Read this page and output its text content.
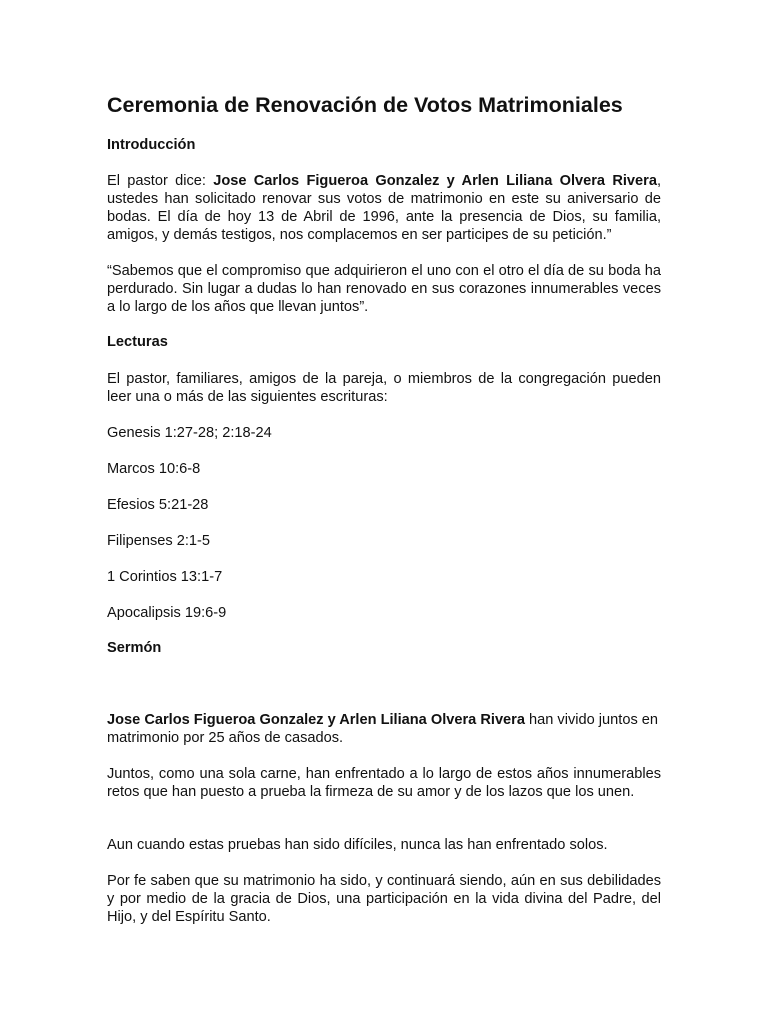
Ceremonia de Renovación de Votos Matrimoniales
Introducción

El pastor dice: Jose Carlos Figueroa Gonzalez y Arlen Liliana Olvera Rivera, ustedes han solicitado renovar sus votos de matrimonio en este su aniversario de bodas. El día de hoy 13 de Abril de 1996, ante la presencia de Dios, su familia, amigos, y demás testigos, nos complacemos en ser participes de su petición.”

“Sabemos que el compromiso que adquirieron el uno con el otro el día de su boda ha perdurado. Sin lugar a dudas lo han renovado en sus corazones innumerables veces a lo largo de los años que llevan juntos”.

Lecturas

El pastor, familiares, amigos de la pareja, o miembros de la congregación pueden leer una o más de las siguientes escrituras:

Genesis 1:27-28; 2:18-24

Marcos 10:6-8

Efesios 5:21-28

Filipenses 2:1-5

1 Corintios 13:1-7

Apocalipsis 19:6-9

Sermón

Jose Carlos Figueroa Gonzalez y Arlen Liliana Olvera Rivera han vivido juntos en matrimonio por 25 años de casados.

Juntos, como una sola carne, han enfrentado a lo largo de estos años innumerables retos que han puesto a prueba la firmeza de su amor y de los lazos que los unen.

Aun cuando estas pruebas han sido difíciles, nunca las han enfrentado solos.

Por fe saben que su matrimonio ha sido, y continuará siendo, aún en sus debilidades y por medio de la gracia de Dios, una participación en la vida divina del Padre, del Hijo, y del Espíritu Santo.
